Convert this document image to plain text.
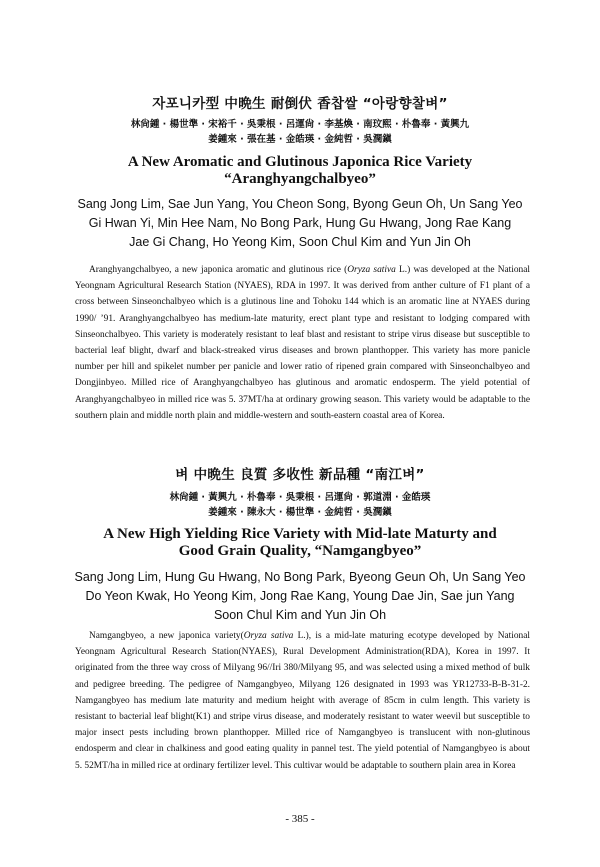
자포니카型 中晩生 耐倒伏 香찹쌀 “아랑향찰벼”
林尙鍾 · 楊世準 · 宋裕千 · 吳秉根 · 呂運尙 · 李基煥 · 南玟熙 · 朴魯奉 · 黃興九
姜鍾來 · 張在基 · 金皓瑛 · 金純哲 · 吳潤鎭
A New Aromatic and Glutinous Japonica Rice Variety
“Aranghyangchalbyeo”
Sang Jong Lim, Sae Jun Yang, You Cheon Song, Byong Geun Oh, Un Sang Yeo
Gi Hwan Yi, Min Hee Nam, No Bong Park, Hung Gu Hwang, Jong Rae Kang
Jae Gi Chang, Ho Yeong Kim, Soon Chul Kim and Yun Jin Oh

Aranghyangchalbyeo, a new japonica aromatic and glutinous rice (Oryza sativa L.) was developed at the National Yeongnam Agricultural Research Station (NYAES), RDA in 1997. It was derived from anther culture of F1 plant of a cross between Sinseonchalbyeo which is a glutinous line and Tohoku 144 which is an aromatic line at NYAES during 1990/ ’91. Aranghyangchalbyeo has medium-late maturity, erect plant type and resistant to lodging compared with Sinseonchalbyeo. This variety is moderately resistant to leaf blast and resistant to stripe virus disease but susceptible to bacterial leaf blight, dwarf and black-streaked virus diseases and brown planthopper. This variety has more panicle number per hill and spikelet number per panicle and lower ratio of ripened grain compared with Sinseonchalbyeo and Dongjinbyeo. Milled rice of Aranghyangchalbyeo has glutinous and aromatic endosperm. The yield potential of Aranghyangchalbyeo in milled rice was 5. 37MT/ha at ordinary growing season. This variety would be adaptable to the southern plain and middle north plain and middle-western and south-eastern coastal area of Korea.

벼 中晩生 良質 多收性 新品種 “南江벼”
林尙鍾 · 黃興九 · 朴魯奉 · 吳秉根 · 呂運尙 · 郭道淵 · 金皓瑛
姜鍾來 · 陳永大 · 楊世準 · 金純哲 · 吳潤鎭
A New High Yielding Rice Variety with Mid-late Maturty and
Good Grain Quality, “Namgangbyeo”
Sang Jong Lim, Hung Gu Hwang, No Bong Park, Byeong Geun Oh, Un Sang Yeo
Do Yeon Kwak, Ho Yeong Kim, Jong Rae Kang, Young Dae Jin, Sae jun Yang
Soon Chul Kim and Yun Jin Oh

Namgangbyeo, a new japonica variety(Oryza sativa L.), is a mid-late maturing ecotype developed by National Yeongnam Agricultural Research Station(NYAES), Rural Development Administration(RDA), Korea in 1997. It originated from the three way cross of Milyang 96//Iri 380/Milyang 95, and was selected using a mixed method of bulk and pedigree breeding. The pedigree of Namgangbyeo, Milyang 126 designated in 1993 was YR12733-B-B-31-2. Namgangbyeo has medium late maturity and medium height with average of 85cm in culm length. This variety is resistant to bacterial leaf blight(K1) and stripe virus disease, and moderately resistant to water weevil but susceptible to major insect pests including brown planthopper. Milled rice of Namgangbyeo is translucent with non-glutinous endosperm and clear in chalkiness and good eating quality in pannel test. The yield potential of Namgangbyeo is about 5. 52MT/ha in milled rice at ordinary fertilizer level. This cultivar would be adaptable to southern plain area in Korea

- 385 -
